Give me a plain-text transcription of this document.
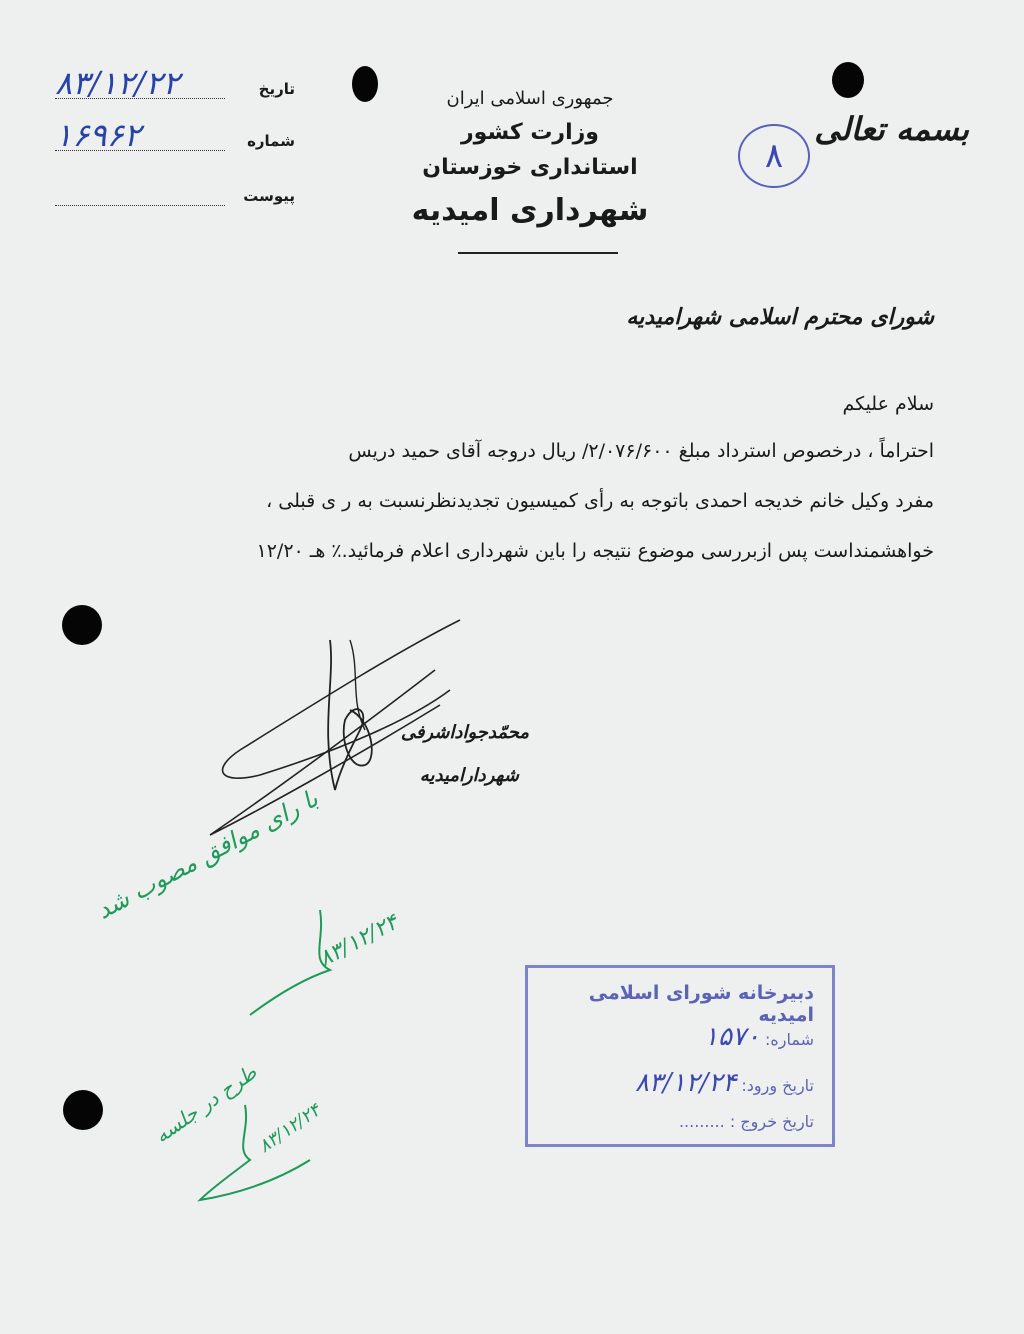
بسمه تعالی
۸
جمهوری اسلامی ایران
وزارت کشور
استانداری خوزستان
شهرداری امیدیه
تاریخ
۸۳/۱۲/۲۲
شماره
۱۶۹۶۲
پیوست
شورای محترم اسلامی شهرامیدیه
سلام علیکم
احتراماً ، درخصوص استرداد مبلغ ۲/۰۷۶/۶۰۰/ ریال دروجه آقای حمید دریس
مفرد وکیل خانم خدیجه احمدی باتوجه به رأی کمیسیون تجدیدنظرنسبت به ر ی قبلی ،
خواهشمنداست پس ازبررسی موضوع نتیجه را باین شهرداری اعلام فرمائید.٪ هـ ۱۲/۲۰
محمّدجواداشرفی
شهردارامیدیه
با رای موافق مصوب شد
۸۳/۱۲/۲۴
طرح در جلسه
۸۳/۱۲/۲۴
دبیرخانه شورای اسلامی امیدیه
شماره: ۱۵۷۰
تاریخ ورود: ۸۳/۱۲/۲۴
تاریخ خروج : .........
